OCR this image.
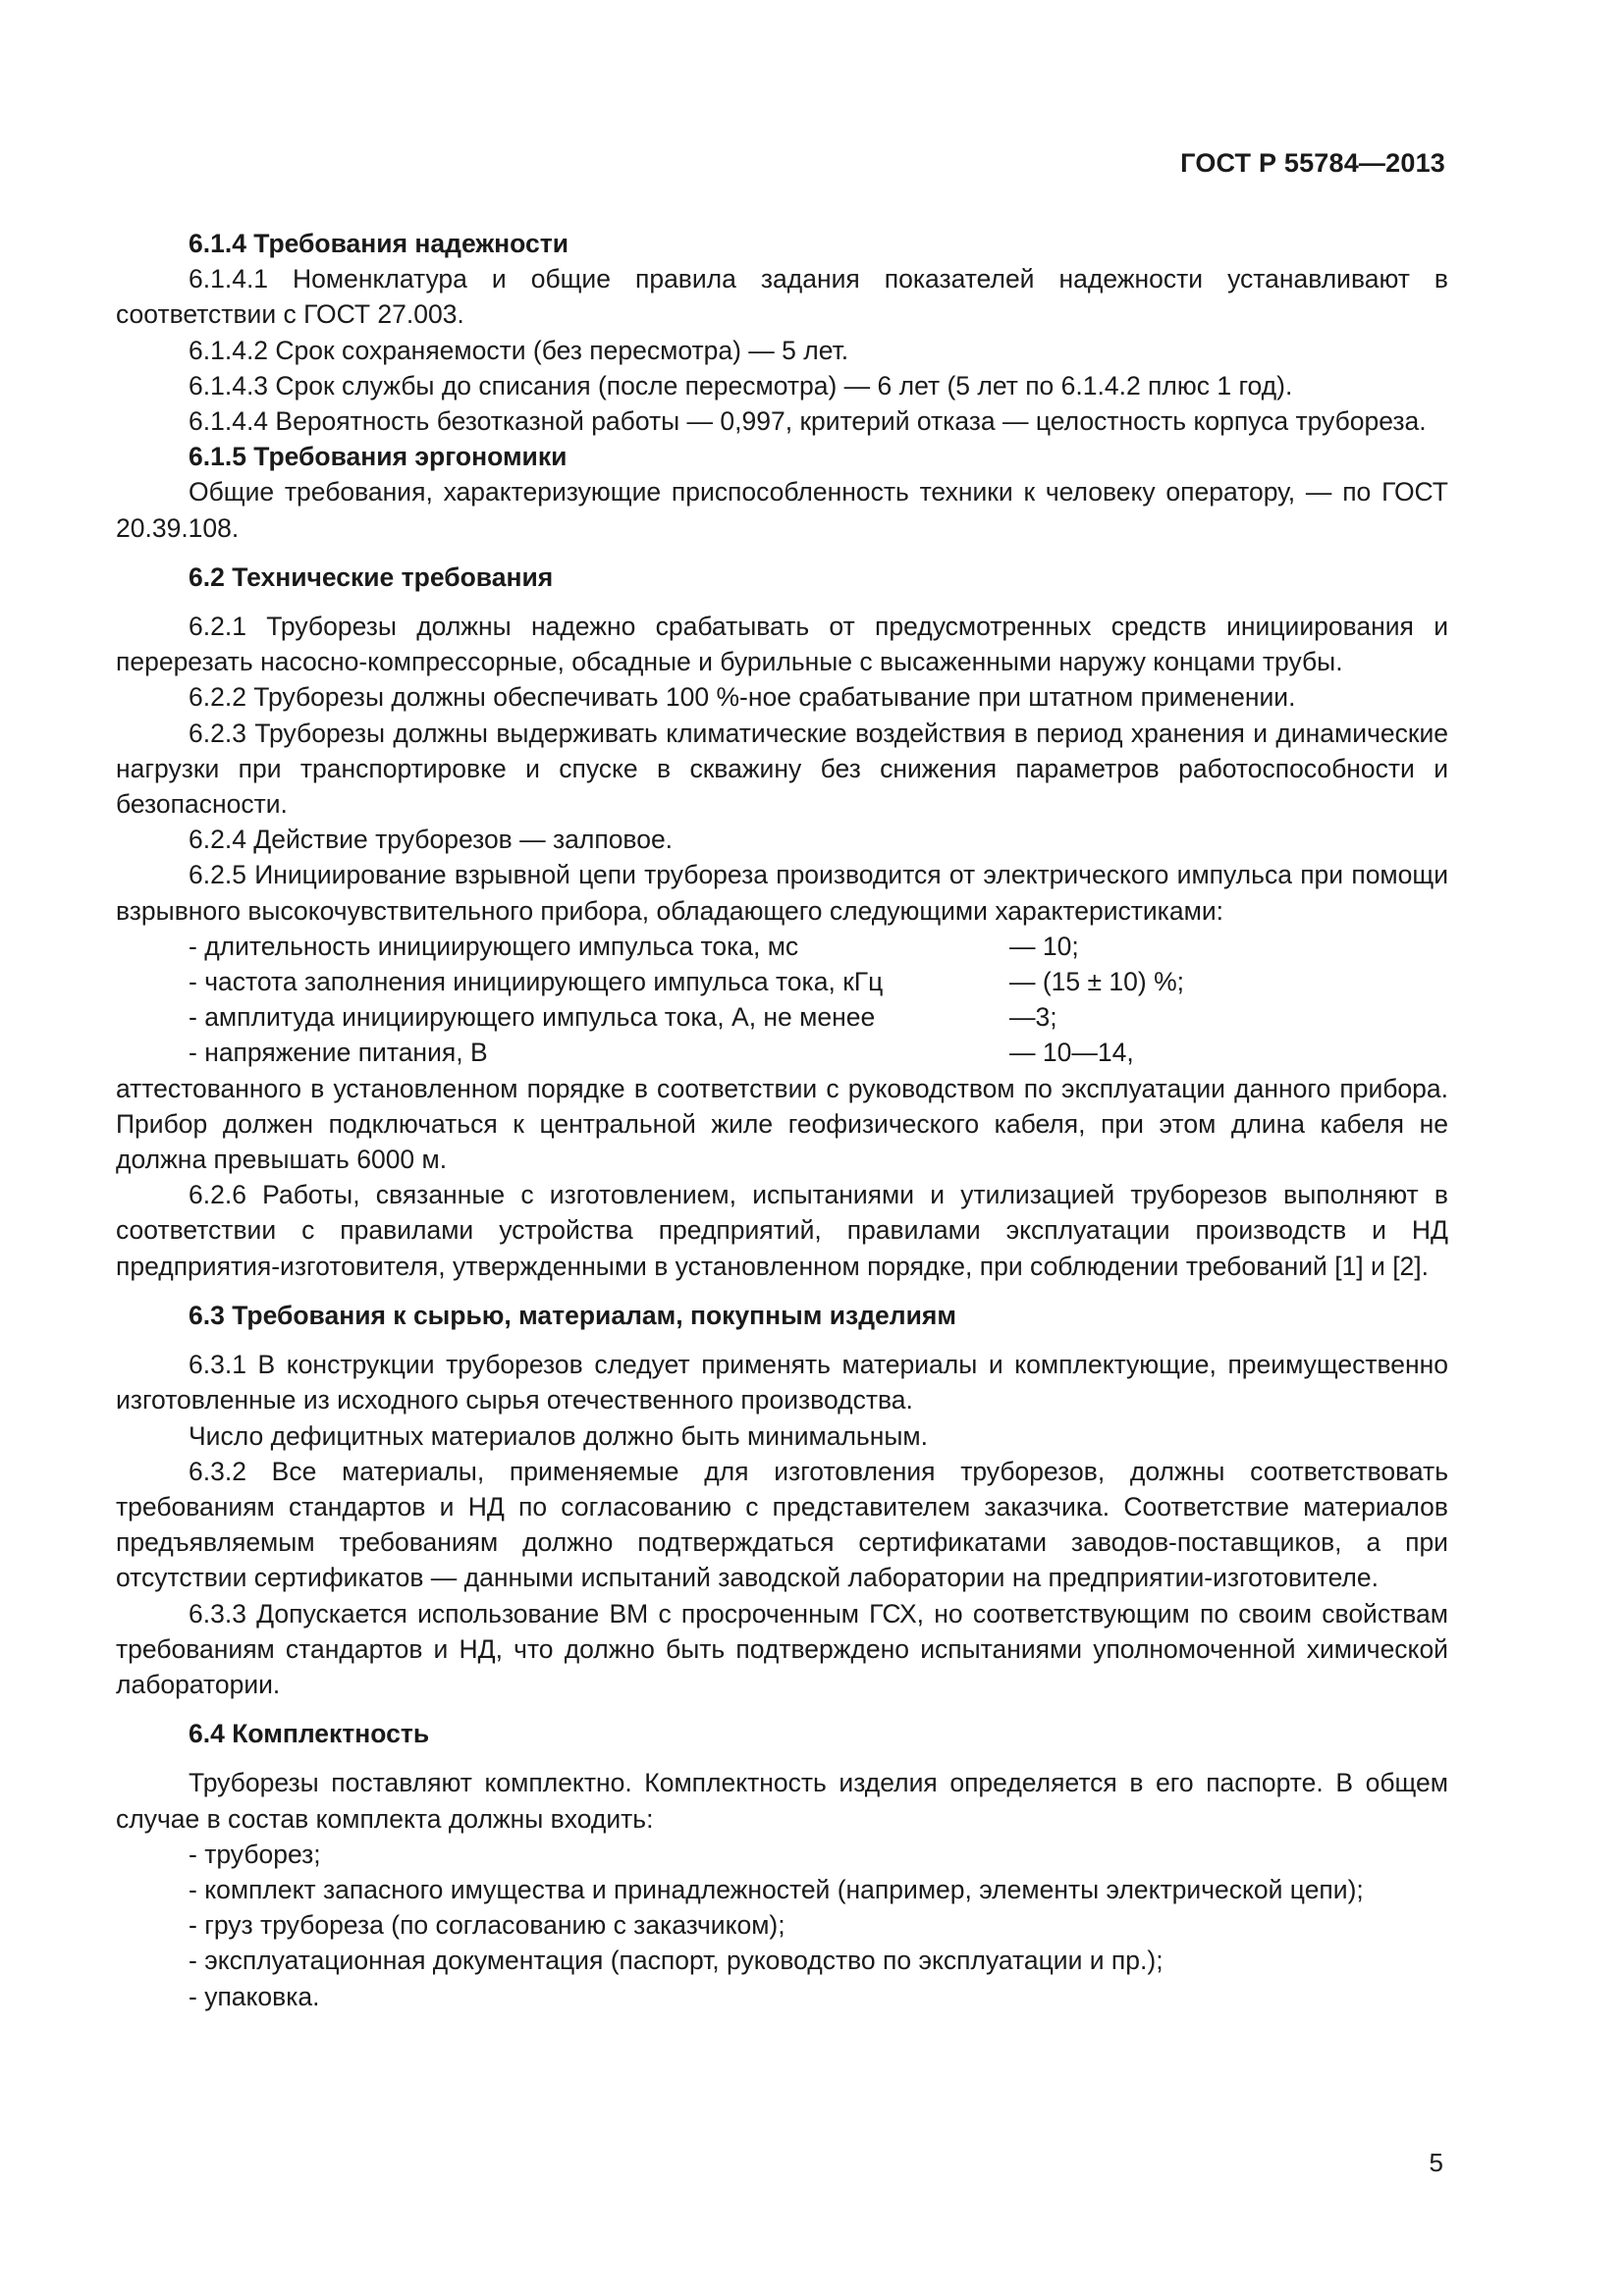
ГОСТ Р 55784—2013
6.1.4 Требования надежности
6.1.4.1 Номенклатура и общие правила задания показателей надежности устанавливают в соответствии с ГОСТ 27.003.
6.1.4.2 Срок сохраняемости (без пересмотра) — 5 лет.
6.1.4.3 Срок службы до списания (после пересмотра) — 6 лет (5 лет по 6.1.4.2 плюс 1 год).
6.1.4.4 Вероятность безотказной работы — 0,997, критерий отказа — целостность корпуса трубореза.
6.1.5 Требования эргономики
Общие требования, характеризующие приспособленность техники к человеку оператору, — по ГОСТ 20.39.108.
6.2 Технические требования
6.2.1 Труборезы должны надежно срабатывать от предусмотренных средств инициирования и перерезать насосно-компрессорные, обсадные и бурильные с высаженными наружу концами трубы.
6.2.2 Труборезы должны обеспечивать 100 %-ное срабатывание при штатном применении.
6.2.3 Труборезы должны выдерживать климатические воздействия в период хранения и динамические нагрузки при транспортировке и спуске в скважину без снижения параметров работоспособности и безопасности.
6.2.4 Действие труборезов — залповое.
6.2.5 Инициирование взрывной цепи трубореза производится от электрического импульса при помощи взрывного высокочувствительного прибора, обладающего следующими характеристиками:
- длительность инициирующего импульса тока, мс	— 10;
- частота заполнения инициирующего импульса тока, кГц	— (15 ± 10) %;
- амплитуда инициирующего импульса тока, А, не менее	—3;
- напряжение питания, В	— 10—14,
аттестованного в установленном порядке в соответствии с руководством по эксплуатации данного прибора. Прибор должен подключаться к центральной жиле геофизического кабеля, при этом длина кабеля не должна превышать 6000 м.
6.2.6 Работы, связанные с изготовлением, испытаниями и утилизацией труборезов выполняют в соответствии с правилами устройства предприятий, правилами эксплуатации производств и НД предприятия-изготовителя, утвержденными в установленном порядке, при соблюдении требований [1] и [2].
6.3 Требования к сырью, материалам, покупным изделиям
6.3.1 В конструкции труборезов следует применять материалы и комплектующие, преимущественно изготовленные из исходного сырья отечественного производства.
Число дефицитных материалов должно быть минимальным.
6.3.2 Все материалы, применяемые для изготовления труборезов, должны соответствовать требованиям стандартов и НД по согласованию с представителем заказчика. Соответствие материалов предъявляемым требованиям должно подтверждаться сертификатами заводов-поставщиков, а при отсутствии сертификатов — данными испытаний заводской лаборатории на предприятии-изготовителе.
6.3.3 Допускается использование ВМ с просроченным ГСХ, но соответствующим по своим свойствам требованиям стандартов и НД, что должно быть подтверждено испытаниями уполномоченной химической лаборатории.
6.4 Комплектность
Труборезы поставляют комплектно. Комплектность изделия определяется в его паспорте. В общем случае в состав комплекта должны входить:
- труборез;
- комплект запасного имущества и принадлежностей (например, элементы электрической цепи);
- груз трубореза (по согласованию с заказчиком);
- эксплуатационная документация (паспорт, руководство по эксплуатации и пр.);
- упаковка.
5
